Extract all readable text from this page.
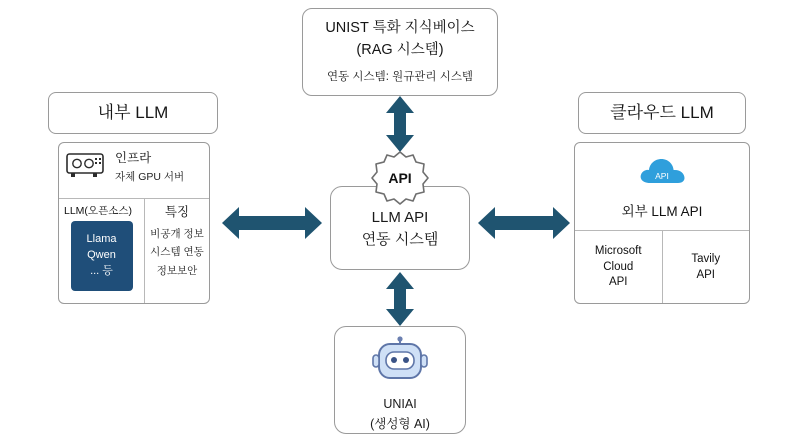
UNIST 특화 지식베이스
(RAG 시스템)
연동 시스템: 원규관리 시스템
LLM API
연동 시스템
API
내부 LLM
인프라
자체 GPU 서버
LLM(오픈소스)
Llama
Qwen
... 등
특징
비공개 정보
시스템 연동
정보보안
클라우드 LLM
API
외부 LLM API
Microsoft
Cloud
API
Tavily
API
UNIAI
(생성형 AI)
